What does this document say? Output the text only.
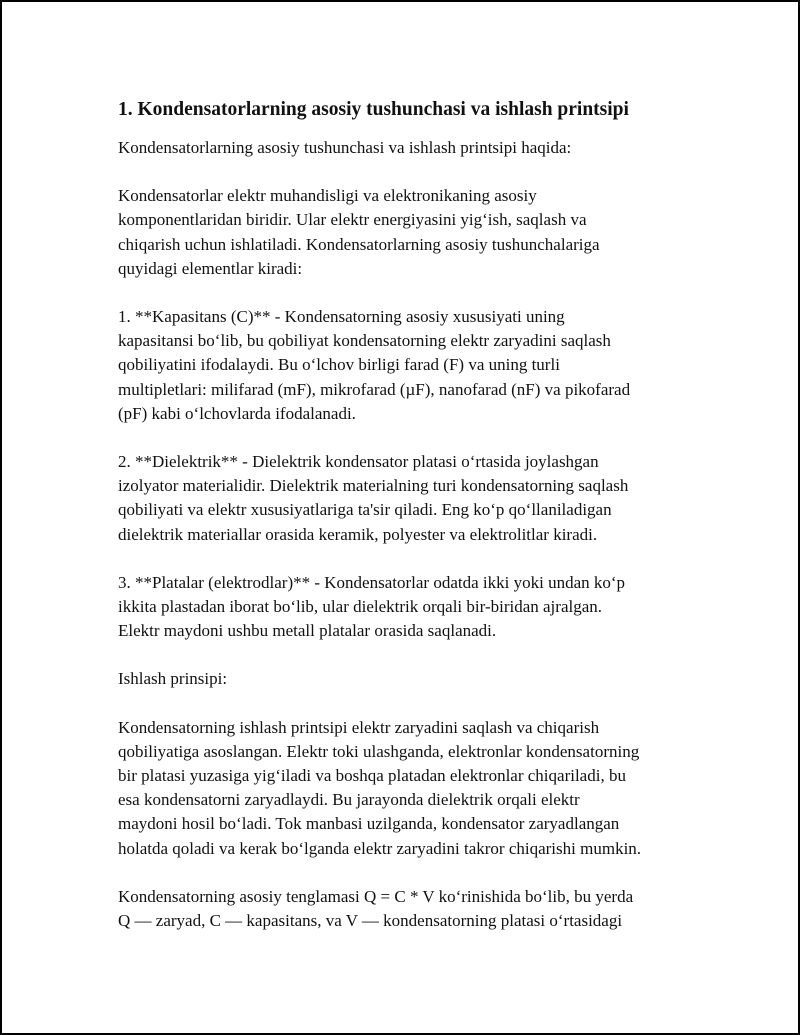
1. Kondensatorlarning asosiy tushunchasi va ishlash printsipi

Kondensatorlarning asosiy tushunchasi va ishlash printsipi haqida:

Kondensatorlar elektr muhandisligi va elektronikaning asosiy
komponentlaridan biridir. Ular elektr energiyasini yig‘ish, saqlash va
chiqarish uchun ishlatiladi. Kondensatorlarning asosiy tushunchalariga
quyidagi elementlar kiradi:

1. **Kapasitans (C)** - Kondensatorning asosiy xususiyati uning
kapasitansi bo‘lib, bu qobiliyat kondensatorning elektr zaryadini saqlash
qobiliyatini ifodalaydi. Bu o‘lchov birligi farad (F) va uning turli
multipletlari: milifarad (mF), mikrofarad (µF), nanofarad (nF) va pikofarad
(pF) kabi o‘lchovlarda ifodalanadi.

2. **Dielektrik** - Dielektrik kondensator platasi o‘rtasida joylashgan
izolyator materialidir. Dielektrik materialning turi kondensatorning saqlash
qobiliyati va elektr xususiyatlariga ta'sir qiladi. Eng ko‘p qo‘llaniladigan
dielektrik materiallar orasida keramik, polyester va elektrolitlar kiradi.

3. **Platalar (elektrodlar)** - Kondensatorlar odatda ikki yoki undan ko‘p
ikkita plastadan iborat bo‘lib, ular dielektrik orqali bir-biridan ajralgan.
Elektr maydoni ushbu metall platalar orasida saqlanadi.

Ishlash prinsipi:

Kondensatorning ishlash printsipi elektr zaryadini saqlash va chiqarish
qobiliyatiga asoslangan. Elektr toki ulashganda, elektronlar kondensatorning
bir platasi yuzasiga yig‘iladi va boshqa platadan elektronlar chiqariladi, bu
esa kondensatorni zaryadlaydi. Bu jarayonda dielektrik orqali elektr
maydoni hosil bo‘ladi. Tok manbasi uzilganda, kondensator zaryadlangan
holatda qoladi va kerak bo‘lganda elektr zaryadini takror chiqarishi mumkin.

Kondensatorning asosiy tenglamasi Q = C * V ko‘rinishida bo‘lib, bu yerda
Q — zaryad, C — kapasitans, va V — kondensatorning platasi o‘rtasidagi
